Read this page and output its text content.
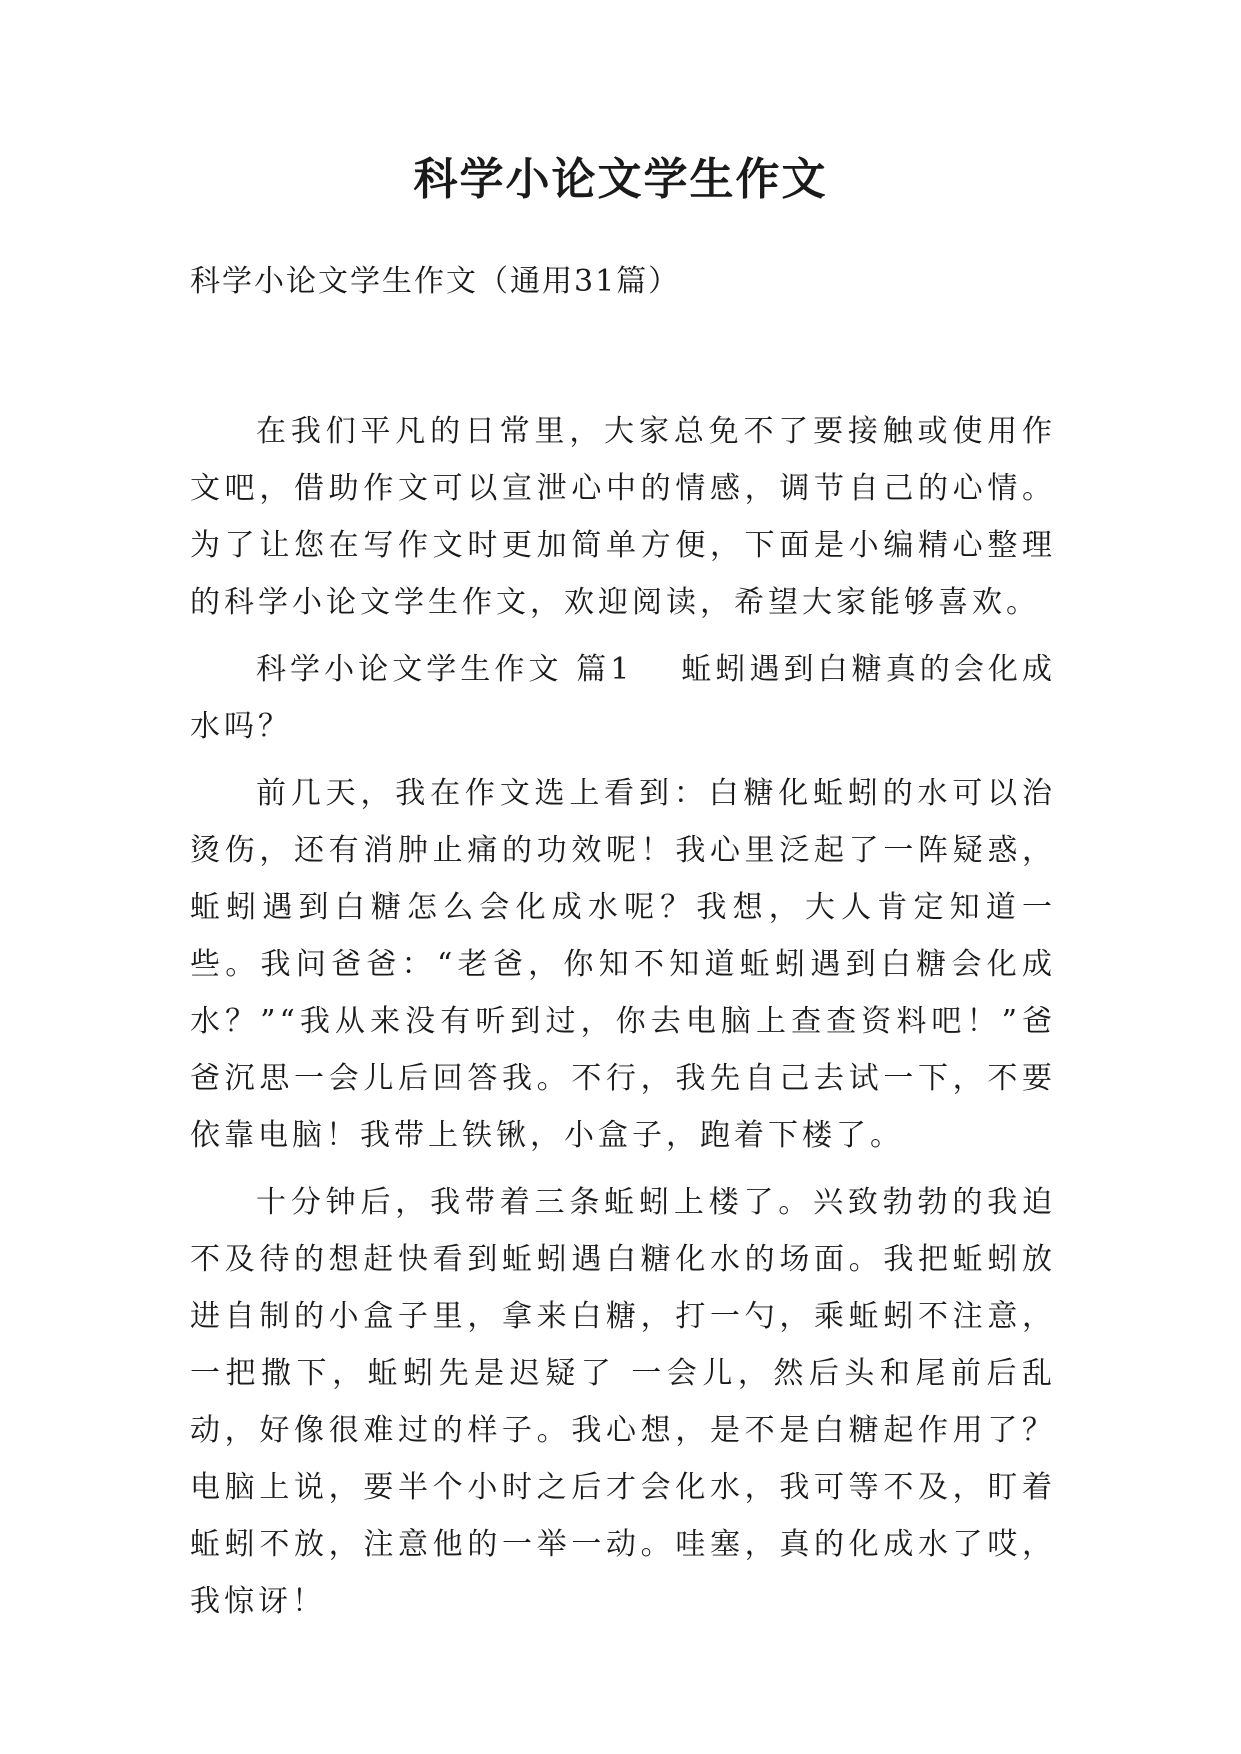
科学小论文学生作文

科学小论文学生作文（通用31篇）

在我们平凡的日常里，大家总免不了要接触或使用作文吧，借助作文可以宣泄心中的情感，调节自己的心情。为了让您在写作文时更加简单方便，下面是小编精心整理的科学小论文学生作文，欢迎阅读，希望大家能够喜欢。

科学小论文学生作文 篇1 蚯蚓遇到白糖真的会化成水吗？

前几天，我在作文选上看到：白糖化蚯蚓的水可以治烫伤，还有消肿止痛的功效呢！我心里泛起了一阵疑惑，蚯蚓遇到白糖怎么会化成水呢？我想，大人肯定知道一些。我问爸爸：“老爸，你知不知道蚯蚓遇到白糖会化成水？”“我从来没有听到过，你去电脑上查查资料吧！”爸爸沉思一会儿后回答我。不行，我先自己去试一下，不要依靠电脑！我带上铁锹，小盒子，跑着下楼了。

十分钟后，我带着三条蚯蚓上楼了。兴致勃勃的我迫不及待的想赶快看到蚯蚓遇白糖化水的场面。我把蚯蚓放进自制的小盒子里，拿来白糖，打一勺，乘蚯蚓不注意，一把撒下，蚯蚓先是迟疑了 一会儿，然后头和尾前后乱动，好像很难过的样子。我心想，是不是白糖起作用了？电脑上说，要半个小时之后才会化水，我可等不及，盯着蚯蚓不放，注意他的一举一动。哇塞，真的化成水了哎，我惊讶！
